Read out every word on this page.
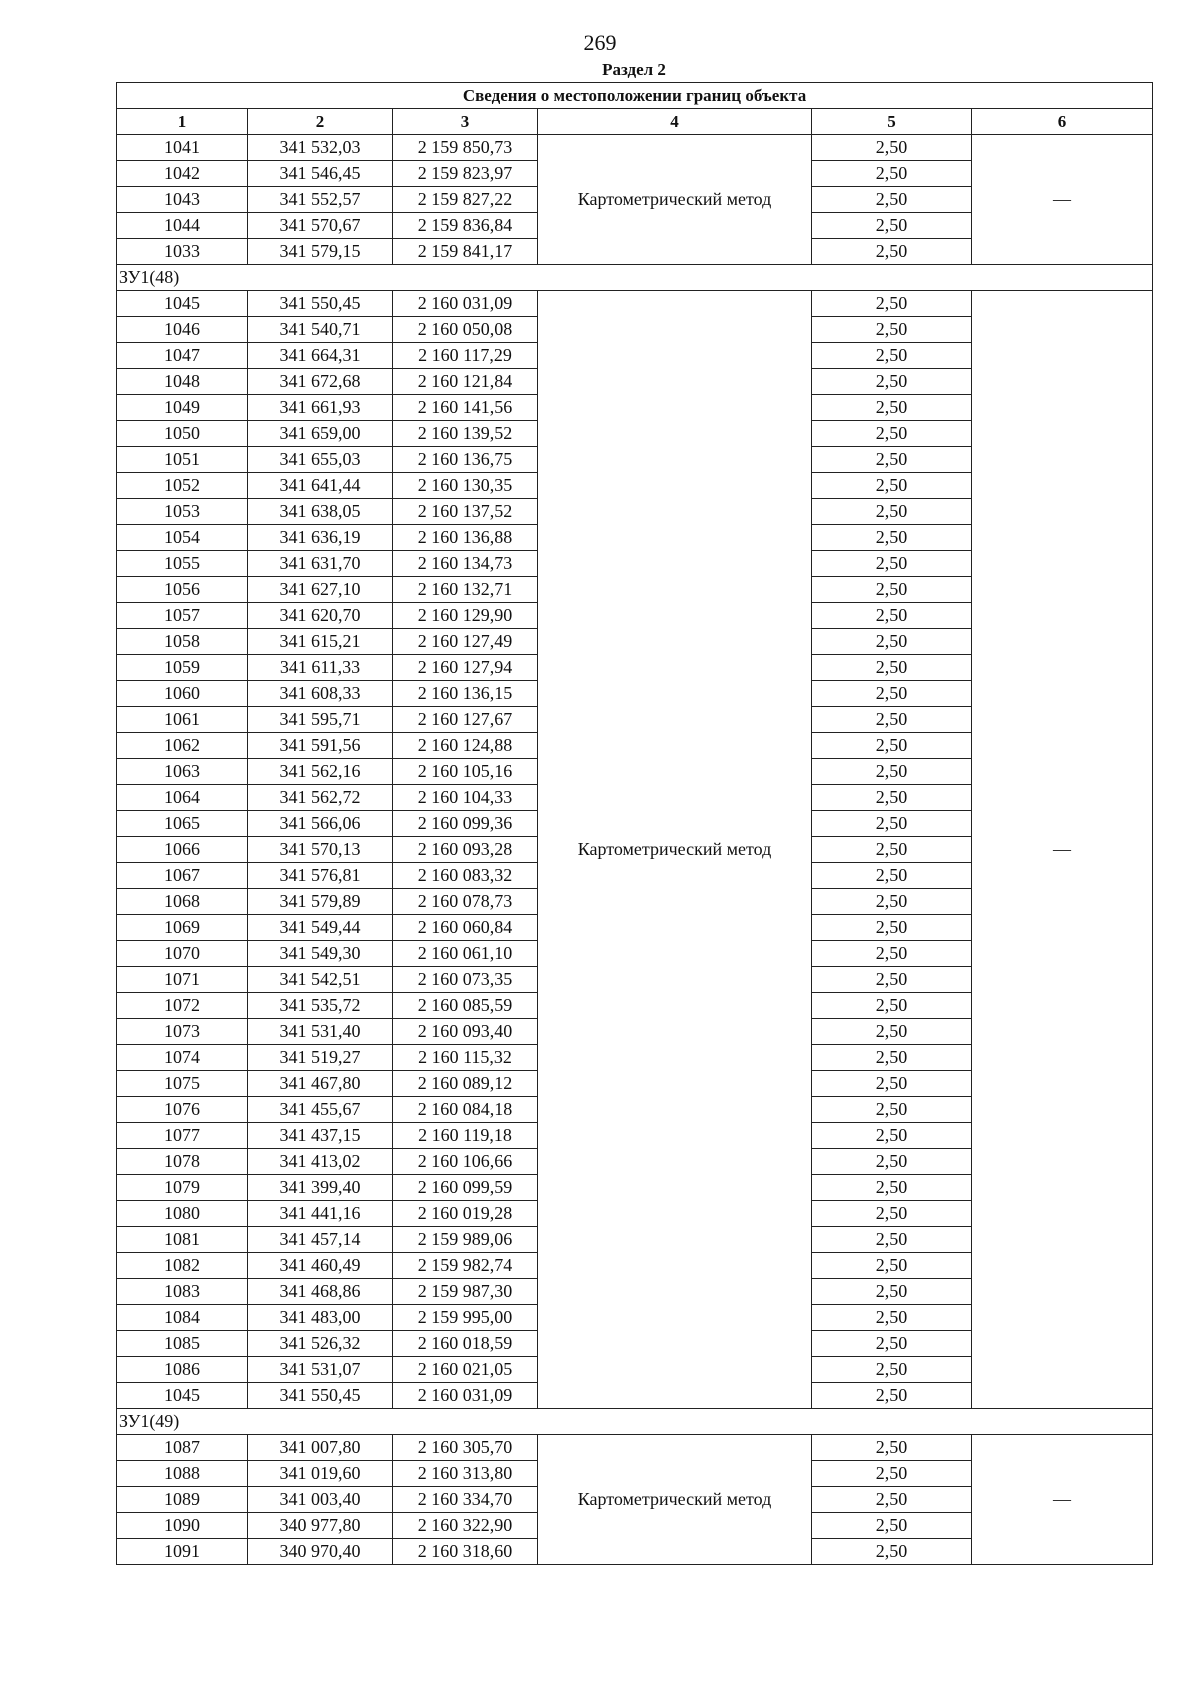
269
Раздел 2
Сведения о местоположении границ объекта					
1	2	3	4	5	6
1041	341 532,03	2 159 850,73	Картометрический метод	2,50	—
1042	341 546,45	2 159 823,97		2,50	
1043	341 552,57	2 159 827,22		2,50	
1044	341 570,67	2 159 836,84		2,50	
1033	341 579,15	2 159 841,17		2,50	
ЗУ1(48)					
1045	341 550,45	2 160 031,09	Картометрический метод	2,50	—
1046	341 540,71	2 160 050,08		2,50	
1047	341 664,31	2 160 117,29		2,50	
1048	341 672,68	2 160 121,84		2,50	
1049	341 661,93	2 160 141,56		2,50	
1050	341 659,00	2 160 139,52		2,50	
1051	341 655,03	2 160 136,75		2,50	
1052	341 641,44	2 160 130,35		2,50	
1053	341 638,05	2 160 137,52		2,50	
1054	341 636,19	2 160 136,88		2,50	
1055	341 631,70	2 160 134,73		2,50	
1056	341 627,10	2 160 132,71		2,50	
1057	341 620,70	2 160 129,90		2,50	
1058	341 615,21	2 160 127,49		2,50	
1059	341 611,33	2 160 127,94		2,50	
1060	341 608,33	2 160 136,15		2,50	
1061	341 595,71	2 160 127,67		2,50	
1062	341 591,56	2 160 124,88		2,50	
1063	341 562,16	2 160 105,16		2,50	
1064	341 562,72	2 160 104,33		2,50	
1065	341 566,06	2 160 099,36		2,50	
1066	341 570,13	2 160 093,28		2,50	
1067	341 576,81	2 160 083,32		2,50	
1068	341 579,89	2 160 078,73		2,50	
1069	341 549,44	2 160 060,84		2,50	
1070	341 549,30	2 160 061,10		2,50	
1071	341 542,51	2 160 073,35		2,50	
1072	341 535,72	2 160 085,59		2,50	
1073	341 531,40	2 160 093,40		2,50	
1074	341 519,27	2 160 115,32		2,50	
1075	341 467,80	2 160 089,12		2,50	
1076	341 455,67	2 160 084,18		2,50	
1077	341 437,15	2 160 119,18		2,50	
1078	341 413,02	2 160 106,66		2,50	
1079	341 399,40	2 160 099,59		2,50	
1080	341 441,16	2 160 019,28		2,50	
1081	341 457,14	2 159 989,06		2,50	
1082	341 460,49	2 159 982,74		2,50	
1083	341 468,86	2 159 987,30		2,50	
1084	341 483,00	2 159 995,00		2,50	
1085	341 526,32	2 160 018,59		2,50	
1086	341 531,07	2 160 021,05		2,50	
1045	341 550,45	2 160 031,09		2,50	
ЗУ1(49)					
1087	341 007,80	2 160 305,70	Картометрический метод	2,50	—
1088	341 019,60	2 160 313,80		2,50	
1089	341 003,40	2 160 334,70		2,50	
1090	340 977,80	2 160 322,90		2,50	
1091	340 970,40	2 160 318,60		2,50	
